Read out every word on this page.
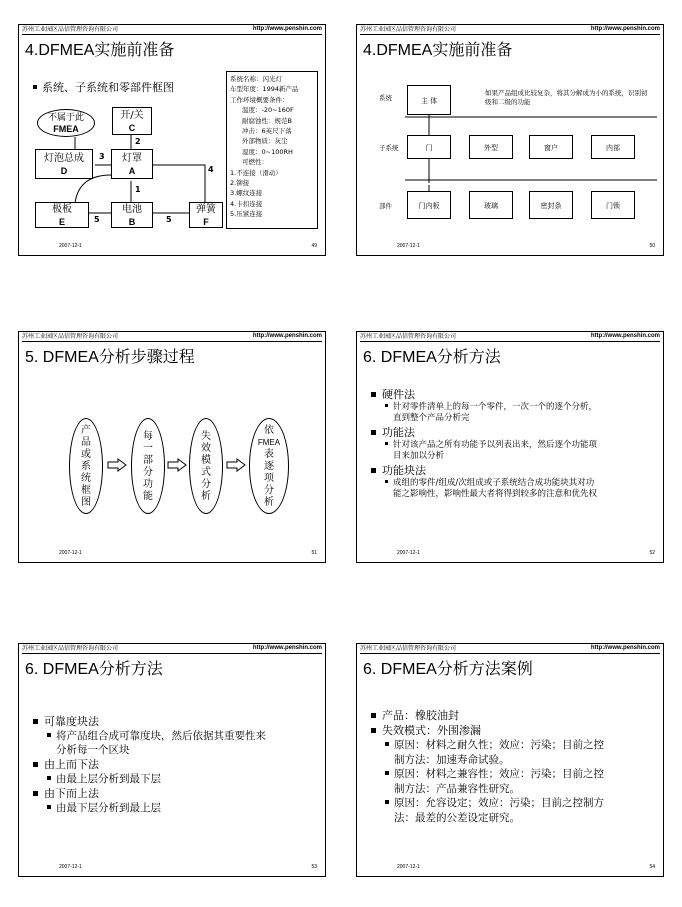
苏州工业园区品信管理咨询有限公司	http://www.penshin.com
4.DFMEA实施前准备
系统、子系统和零部件框图
不属于此
FMEA
开/关
C
灯泡总成
D
灯罩
A
极板
E
电池
B
弹簧
F
2
3
4
1
5	5
系统名称：闪光灯
车型年度：1994新产品
工作环境概要条件：
温度：-20~160F
耐腐蚀性：规范B
冲击：6英尺下落
外部物质：灰尘
湿度：0~100RH
可燃性：
1.不连接（滑动）
2.铆接
3.螺纹连接
4.卡扣连接
5.压紧连接
2007-12-1	49
苏州工业园区品信管理咨询有限公司	http://www.penshin.com
4.DFMEA实施前准备
系统
子系统
部件
主 体
如果产品组成比较复杂，将其分解成为小的系统，识别初级和二级的功能
门	外型	窗户	内部
门内板	玻璃	密封条	门锁
2007-12-1	50
苏州工业园区品信管理咨询有限公司	http://www.penshin.com
5. DFMEA分析步骤过程
产
品
或
系
统
框
图
每
一
部
分
功
能
失
效
模
式
分
析
依
FMEA
表
逐
项
分
析
2007-12-1	51
苏州工业园区品信管理咨询有限公司	http://www.penshin.com
6. DFMEA分析方法
硬件法
针对零件清单上的每一个零件，一次一个的逐个分析，
直到整个产品分析完
功能法
针对该产品之所有功能予以列表出来，然后逐个功能项
目来加以分析
功能块法
成组的零件/组成/次组成或子系统结合成功能块其对功
能之影响性，影响性最大者将得到较多的注意和优先权
2007-12-1	52
苏州工业园区品信管理咨询有限公司	http://www.penshin.com
6. DFMEA分析方法
可靠度块法
将产品组合成可靠度块，然后依据其重要性来
分析每一个区块
由上而下法
由最上层分析到最下层
由下而上法
由最下层分析到最上层
2007-12-1	53
苏州工业园区品信管理咨询有限公司	http://www.penshin.com
6. DFMEA分析方法案例
产品：橡胶油封
失效模式：外围渗漏
原因：材料之耐久性；效应：污染；目前之控
制方法：加速寿命试验。
原因：材料之兼容性；效应：污染；目前之控
制方法：产品兼容性研究。
原因：允容设定；效应：污染；目前之控制方
法：最差的公差设定研究。
2007-12-1	54
